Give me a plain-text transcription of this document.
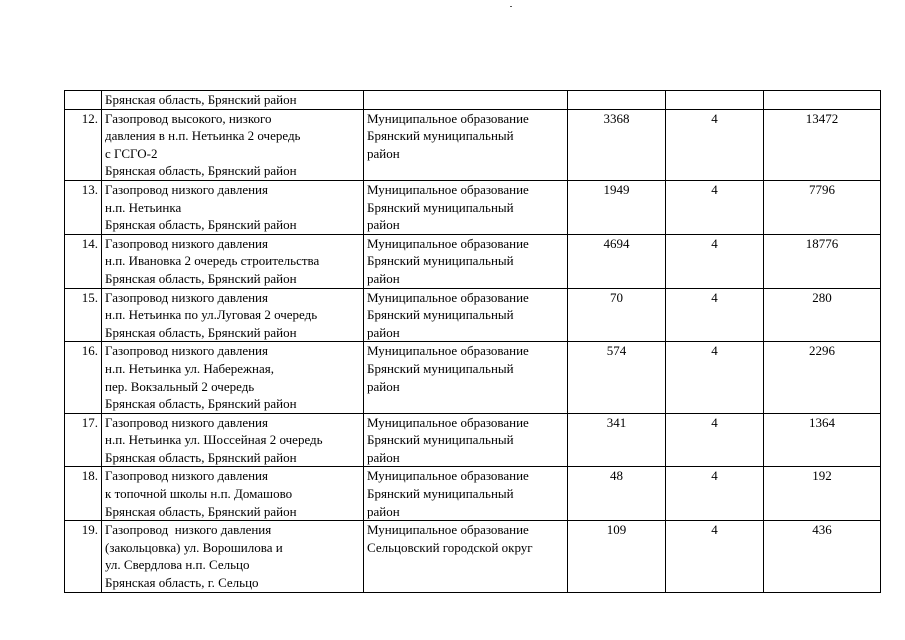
	Брянская область, Брянский район				
12.	Газопровод высокого, низкого
давления в н.п. Нетьинка 2 очередь
с ГСГО-2
Брянская область, Брянский район	Муниципальное образование
Брянский муниципальный
район	3368	4	13472
13.	Газопровод низкого давления
н.п. Нетьинка
Брянская область, Брянский район	Муниципальное образование
Брянский муниципальный
район	1949	4	7796
14.	Газопровод низкого давления
н.п. Ивановка 2 очередь строительства
Брянская область, Брянский район	Муниципальное образование
Брянский муниципальный
район	4694	4	18776
15.	Газопровод низкого давления
н.п. Нетьинка по ул.Луговая 2 очередь
Брянская область, Брянский район	Муниципальное образование
Брянский муниципальный
район	70	4	280
16.	Газопровод низкого давления
н.п. Нетьинка ул. Набережная,
пер. Вокзальный 2 очередь
Брянская область, Брянский район	Муниципальное образование
Брянский муниципальный
район	574	4	2296
17.	Газопровод низкого давления
н.п. Нетьинка ул. Шоссейная 2 очередь
Брянская область, Брянский район	Муниципальное образование
Брянский муниципальный
район	341	4	1364
18.	Газопровод низкого давления
к топочной школы н.п. Домашово
Брянская область, Брянский район	Муниципальное образование
Брянский муниципальный
район	48	4	192
19.	Газопровод  низкого давления
(закольцовка) ул. Ворошилова и
ул. Свердлова н.п. Сельцо
Брянская область, г. Сельцо	Муниципальное образование
Сельцовский городской округ	109	4	436
